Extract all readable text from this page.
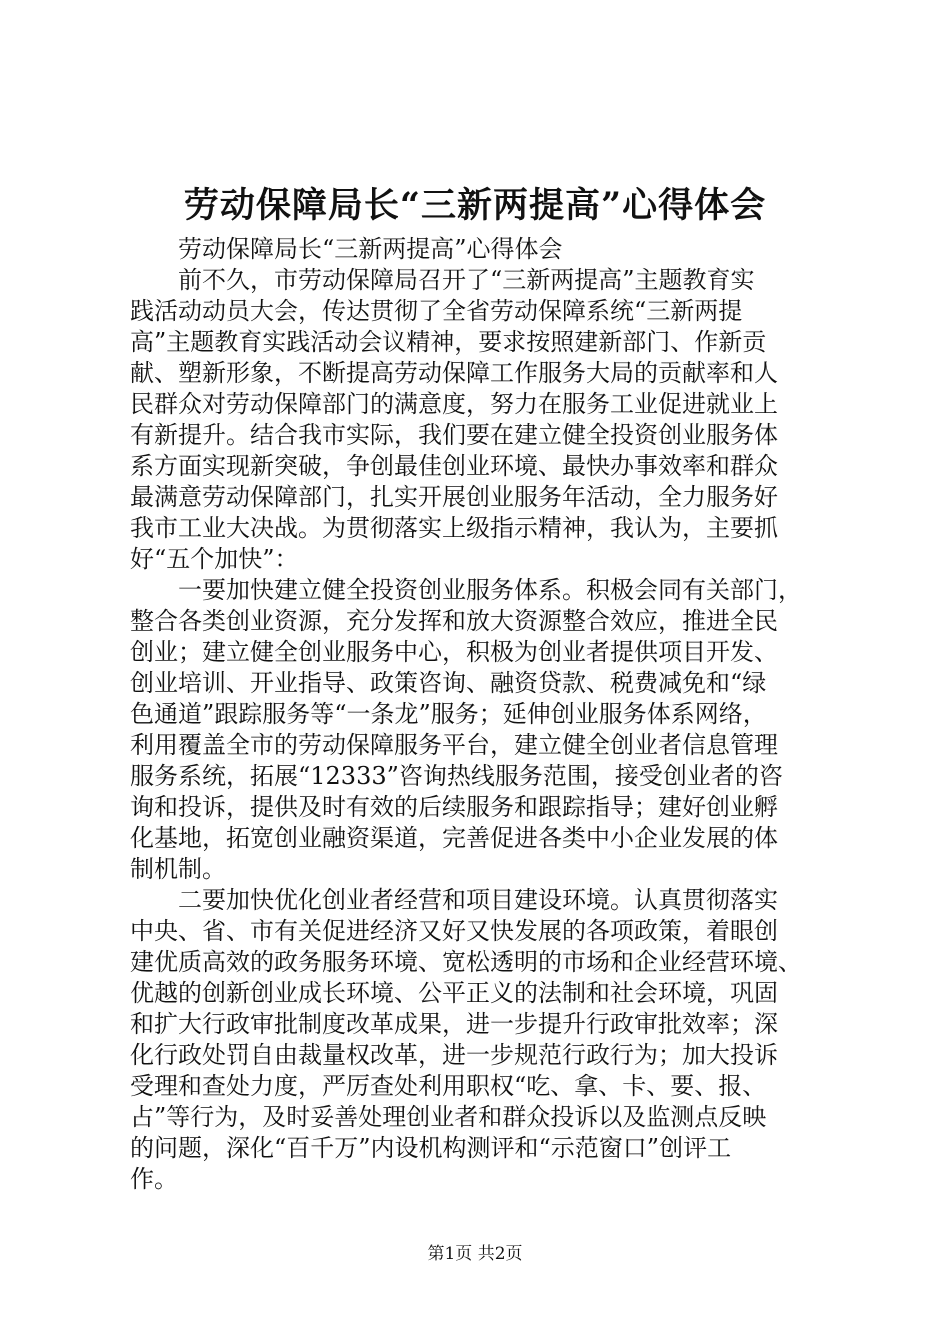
劳动保障局长“三新两提高”心得体会
　　劳动保障局长“三新两提高”心得体会
　　前不久，市劳动保障局召开了“三新两提高”主题教育实
践活动动员大会，传达贯彻了全省劳动保障系统“三新两提
高”主题教育实践活动会议精神，要求按照建新部门、作新贡
献、塑新形象，不断提高劳动保障工作服务大局的贡献率和人
民群众对劳动保障部门的满意度，努力在服务工业促进就业上
有新提升。结合我市实际，我们要在建立健全投资创业服务体
系方面实现新突破，争创最佳创业环境、最快办事效率和群众
最满意劳动保障部门，扎实开展创业服务年活动，全力服务好
我市工业大决战。为贯彻落实上级指示精神，我认为，主要抓
好“五个加快”：
　　一要加快建立健全投资创业服务体系。积极会同有关部门，
整合各类创业资源，充分发挥和放大资源整合效应，推进全民
创业；建立健全创业服务中心，积极为创业者提供项目开发、
创业培训、开业指导、政策咨询、融资贷款、税费减免和“绿
色通道”跟踪服务等“一条龙”服务；延伸创业服务体系网络，
利用覆盖全市的劳动保障服务平台，建立健全创业者信息管理
服务系统，拓展“12333”咨询热线服务范围，接受创业者的咨
询和投诉，提供及时有效的后续服务和跟踪指导；建好创业孵
化基地，拓宽创业融资渠道，完善促进各类中小企业发展的体
制机制。
　　二要加快优化创业者经营和项目建设环境。认真贯彻落实
中央、省、市有关促进经济又好又快发展的各项政策，着眼创
建优质高效的政务服务环境、宽松透明的市场和企业经营环境、
优越的创新创业成长环境、公平正义的法制和社会环境，巩固
和扩大行政审批制度改革成果，进一步提升行政审批效率；深
化行政处罚自由裁量权改革，进一步规范行政行为；加大投诉
受理和查处力度，严厉查处利用职权“吃、拿、卡、要、报、
占”等行为，及时妥善处理创业者和群众投诉以及监测点反映
的问题，深化“百千万”内设机构测评和“示范窗口”创评工
作。
第1页 共2页
